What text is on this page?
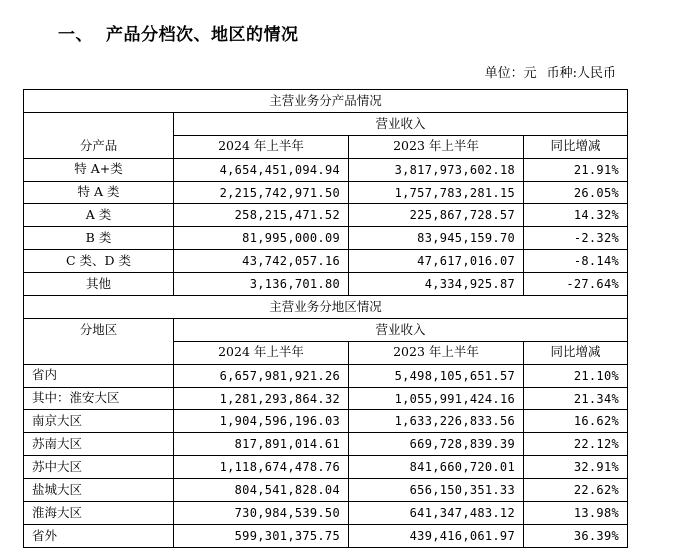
一、 产品分档次、地区的情况
单位：元 币种:人民币
主营业务分产品情况			
	营业收入		
分产品	2024 年上半年	2023 年上半年	同比增减
特 A+类	4,654,451,094.94	3,817,973,602.18	21.91%
特 A 类	2,215,742,971.50	1,757,783,281.15	26.05%
A 类	258,215,471.52	225,867,728.57	14.32%
B 类	81,995,000.09	83,945,159.70	-2.32%
C 类、D 类	43,742,057.16	47,617,016.07	-8.14%
其他	3,136,701.80	4,334,925.87	-27.64%
主营业务分地区情况			
分地区	营业收入		
	2024 年上半年	2023 年上半年	同比增减
省内	6,657,981,921.26	5,498,105,651.57	21.10%
其中：淮安大区	1,281,293,864.32	1,055,991,424.16	21.34%
南京大区	1,904,596,196.03	1,633,226,833.56	16.62%
苏南大区	817,891,014.61	669,728,839.39	22.12%
苏中大区	1,118,674,478.76	841,660,720.01	32.91%
盐城大区	804,541,828.04	656,150,351.33	22.62%
淮海大区	730,984,539.50	641,347,483.12	13.98%
省外	599,301,375.75	439,416,061.97	36.39%
